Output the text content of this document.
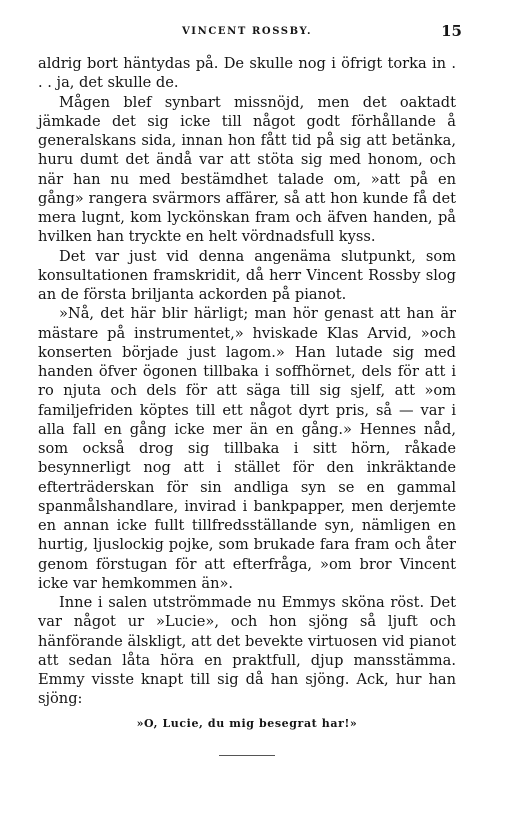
VINCENT ROSSBY.	15

aldrig bort häntydas på. De skulle nog i öfrigt torka in . . . ja, det skulle de.

Mågen blef synbart missnöjd, men det oaktadt jämkade det sig icke till något godt förhållande å generalskans sida, innan hon fått tid på sig att betänka, huru dumt det ändå var att stöta sig med honom, och när han nu med bestämdhet talade om, »att på en gång» rangera svärmors affärer, så att hon kunde få det mera lugnt, kom lyckönskan fram och äfven handen, på hvilken han tryckte en helt vördnadsfull kyss.

Det var just vid denna angenäma slutpunkt, som konsultationen framskridit, då herr Vincent Rossby slog an de första briljanta ackorden på pianot.

»Nå, det här blir härligt; man hör genast att han är mästare på instrumentet,» hviskade Klas Arvid, »och konserten började just lagom.» Han lutade sig med handen öfver ögonen tillbaka i soffhörnet, dels för att i ro njuta och dels för att säga till sig sjelf, att »om familjefriden köptes till ett något dyrt pris, så — var i alla fall en gång icke mer än en gång.» Hennes nåd, som också drog sig tillbaka i sitt hörn, råkade besynnerligt nog att i stället för den inkräktande efterträderskan för sin andliga syn se en gammal spanmålshandlare, invirad i bankpapper, men derjemte en annan icke fullt tillfredsställande syn, nämligen en hurtig, ljuslockig pojke, som brukade fara fram och åter genom förstugan för att efterfråga, »om bror Vincent icke var hemkommen än».

Inne i salen utströmmade nu Emmys sköna röst. Det var något ur »Lucie», och hon sjöng så ljuft och hänförande älskligt, att det bevekte virtuosen vid pianot att sedan låta höra en praktfull, djup mansstämma. Emmy visste knapt till sig då han sjöng. Ack, hur han sjöng:

»O, Lucie, du mig besegrat har!»
